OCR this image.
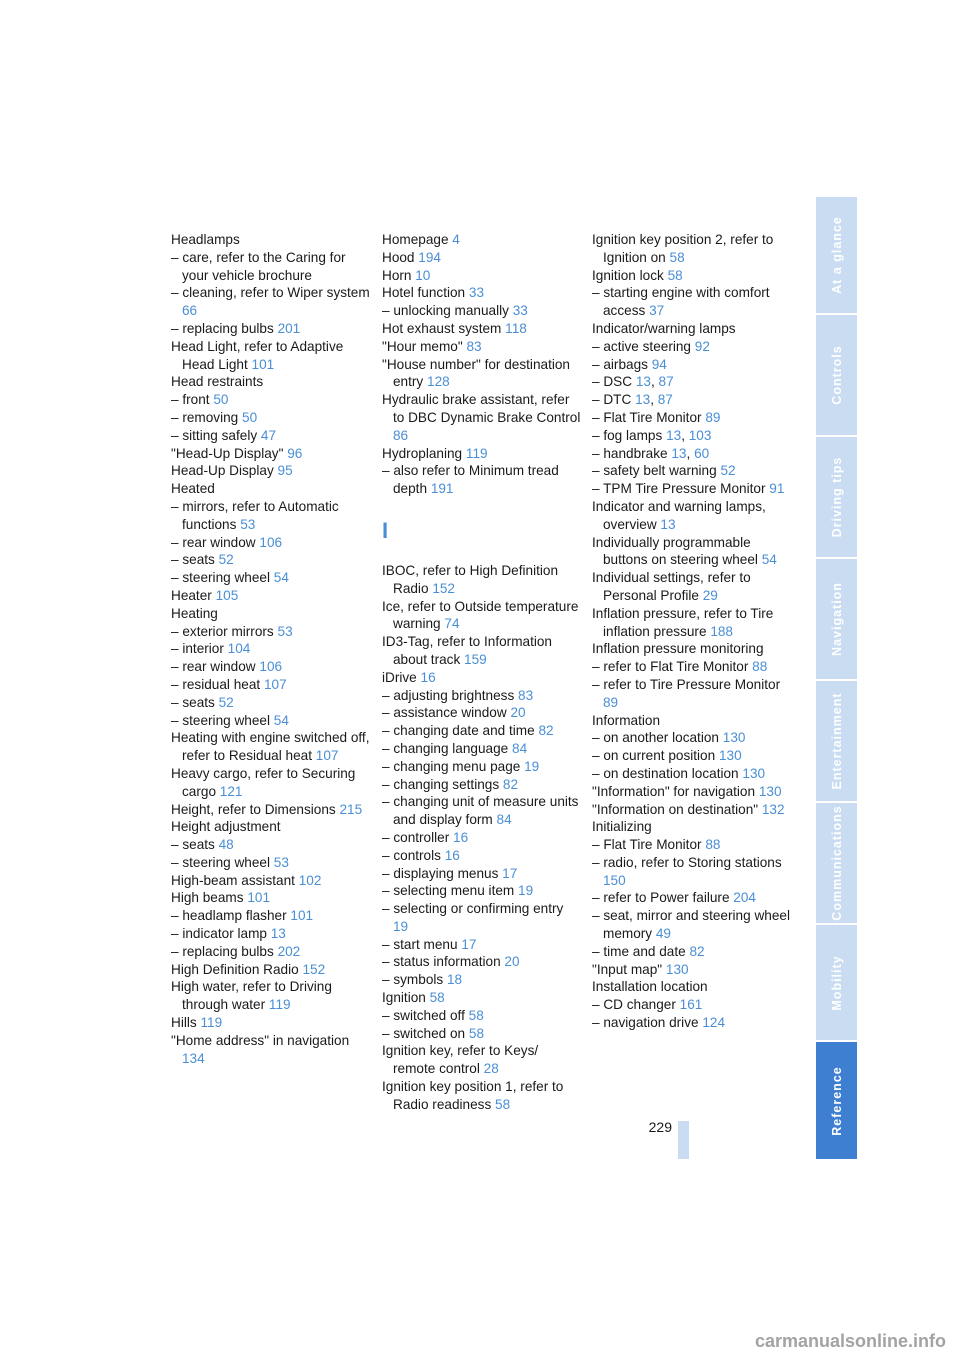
Headlamps
– care, refer to the Caring for your vehicle brochure
– cleaning, refer to Wiper system 66
– replacing bulbs 201
Head Light, refer to Adaptive Head Light 101
Head restraints
– front 50
– removing 50
– sitting safely 47
"Head-Up Display" 96
Head-Up Display 95
Heated
– mirrors, refer to Automatic functions 53
– rear window 106
– seats 52
– steering wheel 54
Heater 105
Heating
– exterior mirrors 53
– interior 104
– rear window 106
– residual heat 107
– seats 52
– steering wheel 54
Heating with engine switched off, refer to Residual heat 107
Heavy cargo, refer to Securing cargo 121
Height, refer to Dimensions 215
Height adjustment
– seats 48
– steering wheel 53
High-beam assistant 102
High beams 101
– headlamp flasher 101
– indicator lamp 13
– replacing bulbs 202
High Definition Radio 152
High water, refer to Driving through water 119
Hills 119
"Home address" in navigation 134
Homepage 4
Hood 194
Horn 10
Hotel function 33
– unlocking manually 33
Hot exhaust system 118
"Hour memo" 83
"House number" for destination entry 128
Hydraulic brake assistant, refer to DBC Dynamic Brake Control 86
Hydroplaning 119
– also refer to Minimum tread depth 191
I
IBOC, refer to High Definition Radio 152
Ice, refer to Outside temperature warning 74
ID3-Tag, refer to Information about track 159
iDrive 16
– adjusting brightness 83
– assistance window 20
– changing date and time 82
– changing language 84
– changing menu page 19
– changing settings 82
– changing unit of measure units and display form 84
– controller 16
– controls 16
– displaying menus 17
– selecting menu item 19
– selecting or confirming entry 19
– start menu 17
– status information 20
– symbols 18
Ignition 58
– switched off 58
– switched on 58
Ignition key, refer to Keys/ remote control 28
Ignition key position 1, refer to Radio readiness 58
Ignition key position 2, refer to Ignition on 58
Ignition lock 58
– starting engine with comfort access 37
Indicator/warning lamps
– active steering 92
– airbags 94
– DSC 13, 87
– DTC 13, 87
– Flat Tire Monitor 89
– fog lamps 13, 103
– handbrake 13, 60
– safety belt warning 52
– TPM Tire Pressure Monitor 91
Indicator and warning lamps, overview 13
Individually programmable buttons on steering wheel 54
Individual settings, refer to Personal Profile 29
Inflation pressure, refer to Tire inflation pressure 188
Inflation pressure monitoring
– refer to Flat Tire Monitor 88
– refer to Tire Pressure Monitor 89
Information
– on another location 130
– on current position 130
– on destination location 130
"Information" for navigation 130
"Information on destination" 132
Initializing
– Flat Tire Monitor 88
– radio, refer to Storing stations 150
– refer to Power failure 204
– seat, mirror and steering wheel memory 49
– time and date 82
"Input map" 130
Installation location
– CD changer 161
– navigation drive 124
At a glance
Controls
Driving tips
Navigation
Entertainment
Communications
Mobility
Reference
229
carmanualsonline.info
